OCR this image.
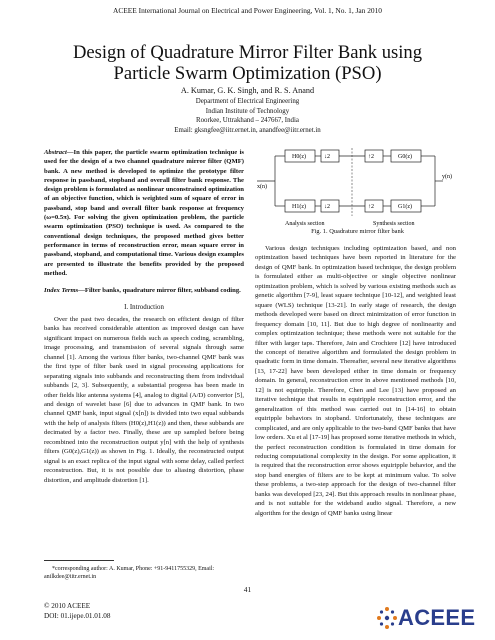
ACEEE International Journal on Electrical and Power Engineering, Vol. 1, No. 1, Jan 2010
Design of Quadrature Mirror Filter Bank using
Particle Swarm Optimization (PSO)
A. Kumar, G. K. Singh, and R. S. Anand
Department of Electrical Engineering
Indian Institute of Technology
Roorkee, Uttrakhand – 247667, India
Email: gksngfee@iitr.ernet.in, anandfee@iitr.ernet.in
Abstract—In this paper, the particle swarm optimization technique is used for the design of a two channel quadrature mirror filter (QMF) bank. A new method is developed to optimize the prototype filter response in passband, stopband and overall filter bank response. The design problem is formulated as nonlinear unconstrained optimization of an objective function, which is weighted sum of square of error in passband, stop band and overall filter bank response at frequency (ω=0.5π). For solving the given optimization problem, the particle swarm optimization (PSO) technique is used. As compared to the conventional design techniques, the proposed method gives better performance in terms of reconstruction error, mean square error in passband, stopband, and computational time. Various design examples are presented to illustrate the benefits provided by the proposed method.
Index Terms—Filter banks, quadrature mirror filter, subband coding.
I. Introduction
Over the past two decades, the research on efficient design of filter banks has received considerable attention as improved design can have significant impact on numerous fields such as speech coding, scrambling, image processing, and transmission of several signals through same channel [1]. Among the various filter banks, two-channel QMF bank was the first type of filter bank used in signal processing applications for separating signals into subbands and reconstructing them from individual subbands [2, 3]. Subsequently, a substantial progress has been made in other fields like antenna systems [4], analog to digital (A/D) convertor [5], and design of wavelet base [6] due to advances in QMF bank. In two channel QMF bank, input signal (x[n]) is divided into two equal subbands with the help of analysis filters (H0(z),H1(z)) and then, these subbands are decimated by a factor two. Finally, these are up sampled before being recombined into the reconstruction output y[n] with the help of synthesis filters (G0(z),G1(z)) as shown in Fig. 1. Ideally, the reconstructed output signal is an exact replica of the input signal with some delay, called perfect reconstruction. But, it is not possible due to aliasing distortion, phase distortion, and amplitude distortion [1].
*corresponding author: A. Kumar, Phone: +91-9411755329, Email: anilkdee@iitr.ernet.in
x(n)
H0(z)	↓2	↑2	G0(z)
H1(z)	↓2	↑2	G1(z)
y(n)
Analysis section	Synthesis section
Fig. 1. Quadrature mirror filter bank
Various design techniques including optimization based, and non optimization based techniques have been reported in literature for the design of QMF bank. In optimization based technique, the design problem is formulated either as multi-objective or single objective nonlinear optimization problem, which is solved by various existing methods such as genetic algorithm [7-9], least square technique [10-12], and weighted least square (WLS) technique [13-21]. In early stage of research, the design methods developed were based on direct minimization of error function in frequency domain [10, 11]. But due to high degree of nonlinearity and complex optimization technique; these methods were not suitable for the filter with larger taps. Therefore, Jain and Crochiere [12] have introduced the concept of iterative algorithm and formulated the design problem in quadratic form in time domain. Thereafter, several new iterative algorithms [13, 17-22] have been developed either in time domain or frequency domain. In general, reconstruction error in above mentioned methods [10, 12] is not equiripple. Therefore, Chen and Lee [13] have proposed an iterative technique that results in equiripple reconstruction error, and the generalization of this method was carried out in [14-16] to obtain equiripple behaviors in stopband. Unfortunately, these techniques are complicated, and are only applicable to the two-band QMF banks that have low orders. Xu et al [17-19] has proposed some iterative methods in which, the perfect reconstruction condition is formulated in time domain for reducing computational complexity in the design. For some application, it is required that the reconstruction error shows equiripple behavior, and the stop band energies of filters are to be kept at minimum value. To solve these problems, a two-step approach for the design of two-channel filter banks was developed [23, 24]. But this approach results in nonlinear phase, and is not suitable for the wideband audio signal. Therefore, a new algorithm for the design of QMF banks using linear
41
© 2010 ACEEE
DOI: 01.ijepe.01.01.08	ACEEE
